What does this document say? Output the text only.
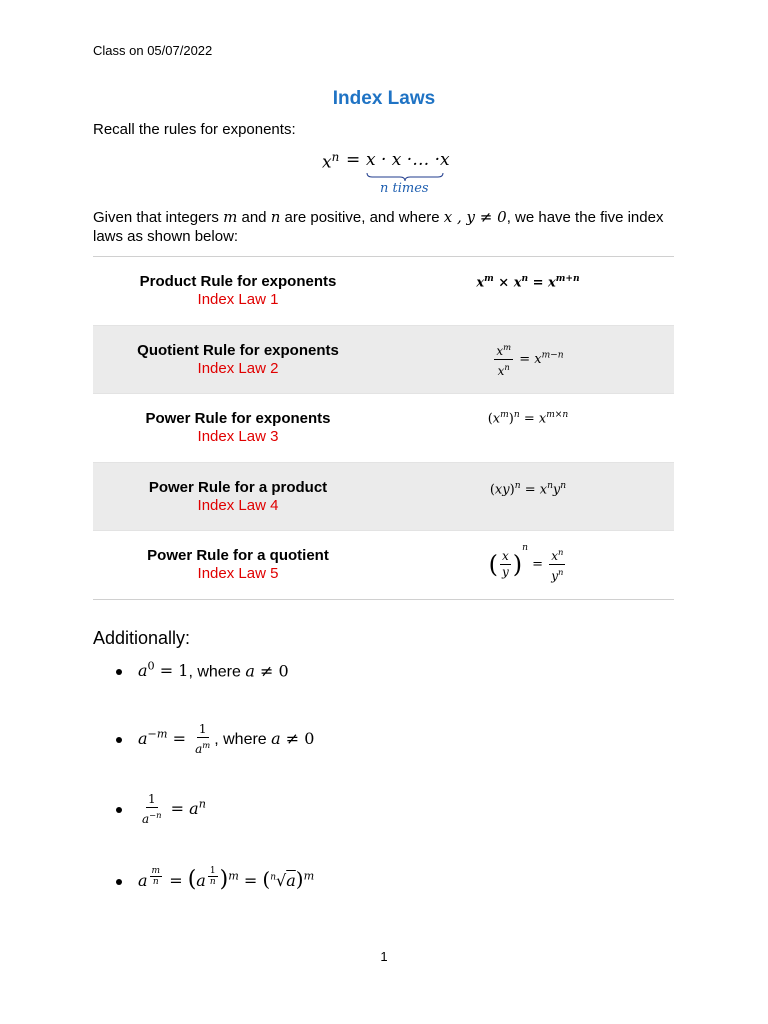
Class on 05/07/2022
Index Laws
Recall the rules for exponents:
$x^n = x \cdot x$ ·… ·x
n times
Given that integers m and n are positive, and where x , y ≠ 0, we have the five index laws as shown below:
Product Rule for exponents
Index Law 1
$x^m \times x^n = x^{m+n}$
Quotient Rule for exponents
Index Law 2	$\frac{x^m}{x^n} = x^{m-n}$
Power Rule for exponents
Index Law 3
$(x^m)^n = x^{m\times n}$
Power Rule for a product
Index Law 4
$(xy)^n = x^ny^n$
Power Rule for a quotient
Index Law 5	( $\frac{x}{y} )^n = \frac{x^n}{y^n}$
Additionally:
$a^0 = 1$, where a ≠ 0
$a^{-m} = \frac{1}{a^m}$ , where a ≠ 0
$\frac{1}{a^{-n}} = a^n$
a $^{\frac{m}{n}}$ = (a $^{\frac{1}{n}}$ )$^m = (^n√a)^m$
1
